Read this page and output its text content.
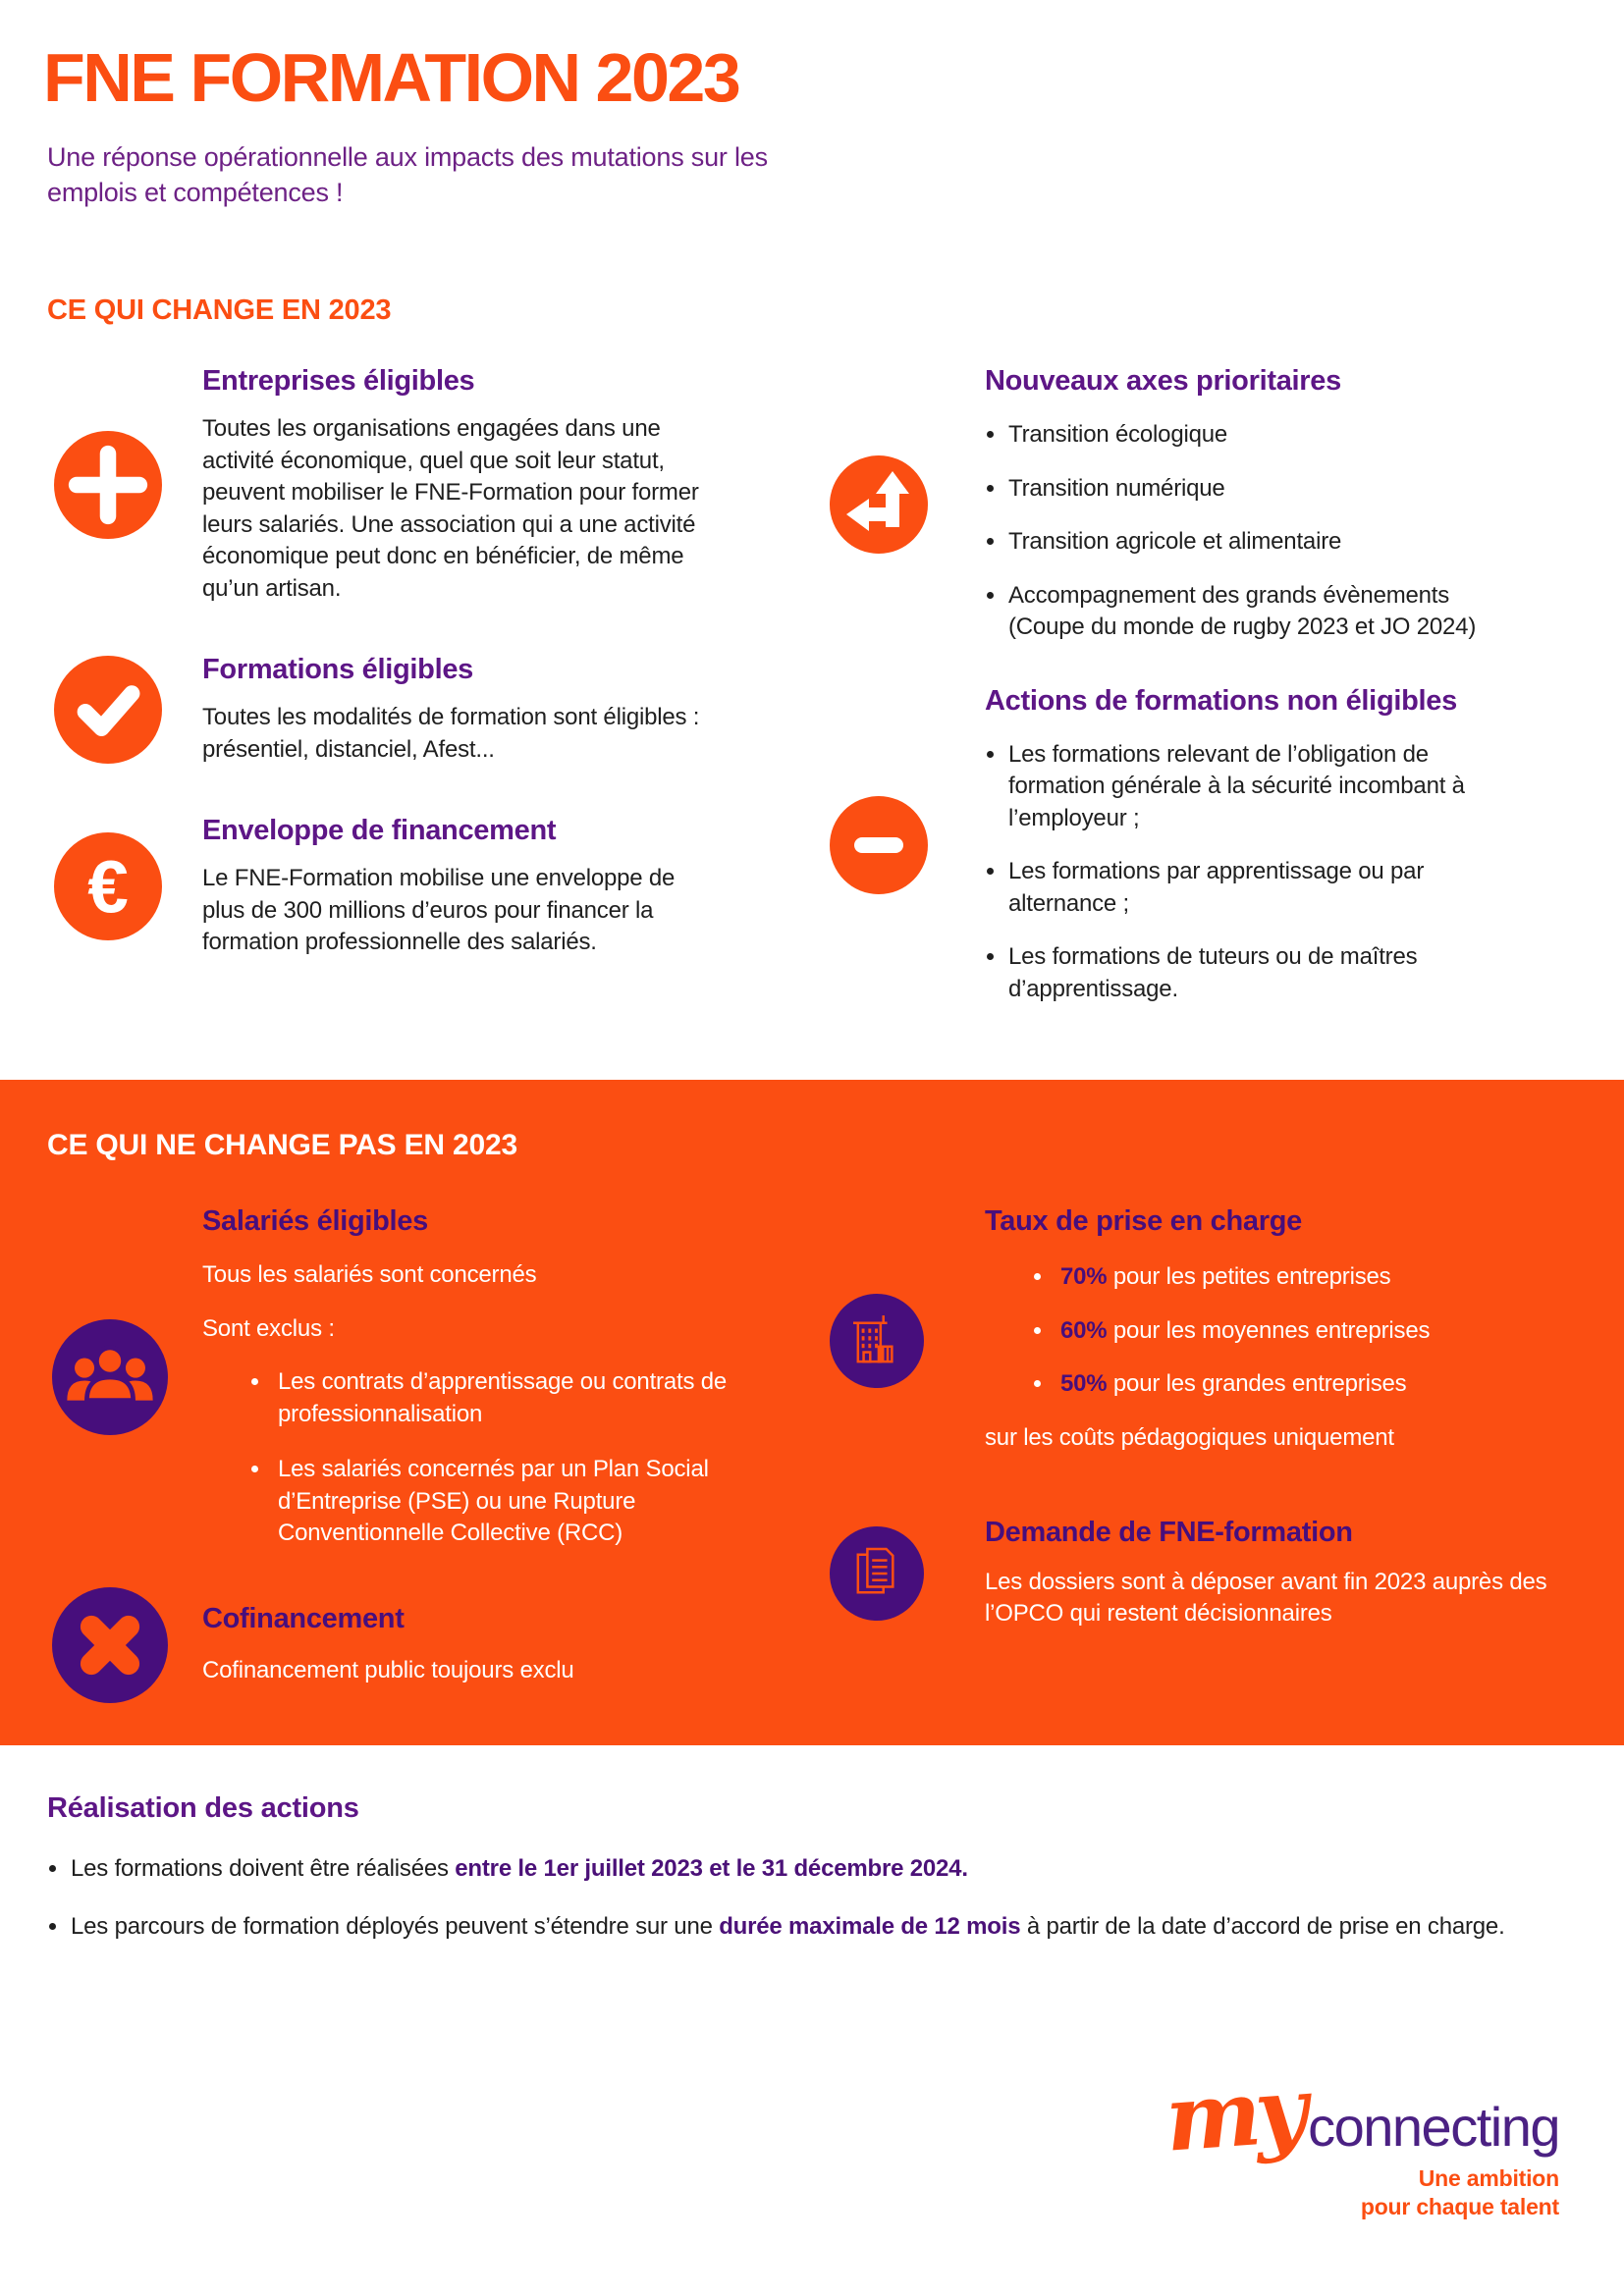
FNE FORMATION 2023
Une réponse opérationnelle aux impacts des mutations sur les
emplois et compétences !
CE QUI CHANGE EN 2023
Entreprises éligibles

Toutes les organisations engagées dans une activité économique, quel que soit leur statut, peuvent mobiliser le FNE-Formation pour former leurs salariés. Une association qui a une activité économique peut donc en bénéficier, de même qu’un artisan.

Formations éligibles

Toutes les modalités de formation sont éligibles : présentiel, distanciel, Afest...

€
Enveloppe de financement

Le FNE-Formation mobilise une enveloppe de plus de 300 millions d’euros pour financer la formation professionnelle des salariés.

Nouveaux axes prioritaires
Transition écologique
Transition numérique
Transition agricole et alimentaire
Accompagnement des grands évènements (Coupe du monde de rugby 2023 et JO 2024)
Actions de formations non éligibles
Les formations relevant de l’obligation de formation générale à la sécurité incombant à l’employeur ;
Les formations par apprentissage ou par alternance ;
Les formations de tuteurs ou de maîtres d’apprentissage.
CE QUI NE CHANGE PAS EN 2023
Salariés éligibles

Tous les salariés sont concernés

Sont exclus :

Les contrats d’apprentissage ou contrats de professionnalisation
Les salariés concernés par un Plan Social d’Entreprise (PSE) ou une Rupture Conventionnelle Collective (RCC)
Cofinancement

Cofinancement public toujours exclu

Taux de prise en charge
70% pour les petites entreprises
60% pour les moyennes entreprises
50% pour les grandes entreprises

sur les coûts pédagogiques uniquement

Demande de FNE-formation

Les dossiers sont à déposer avant fin 2023 auprès des l’OPCO qui restent décisionnaires

Réalisation des actions
Les formations doivent être réalisées entre le 1er juillet 2023 et le 31 décembre 2024.
Les parcours de formation déployés peuvent s’étendre sur une durée maximale de 12 mois à partir de la date d’accord de prise en charge.
my connecting
Une ambition
pour chaque talent
